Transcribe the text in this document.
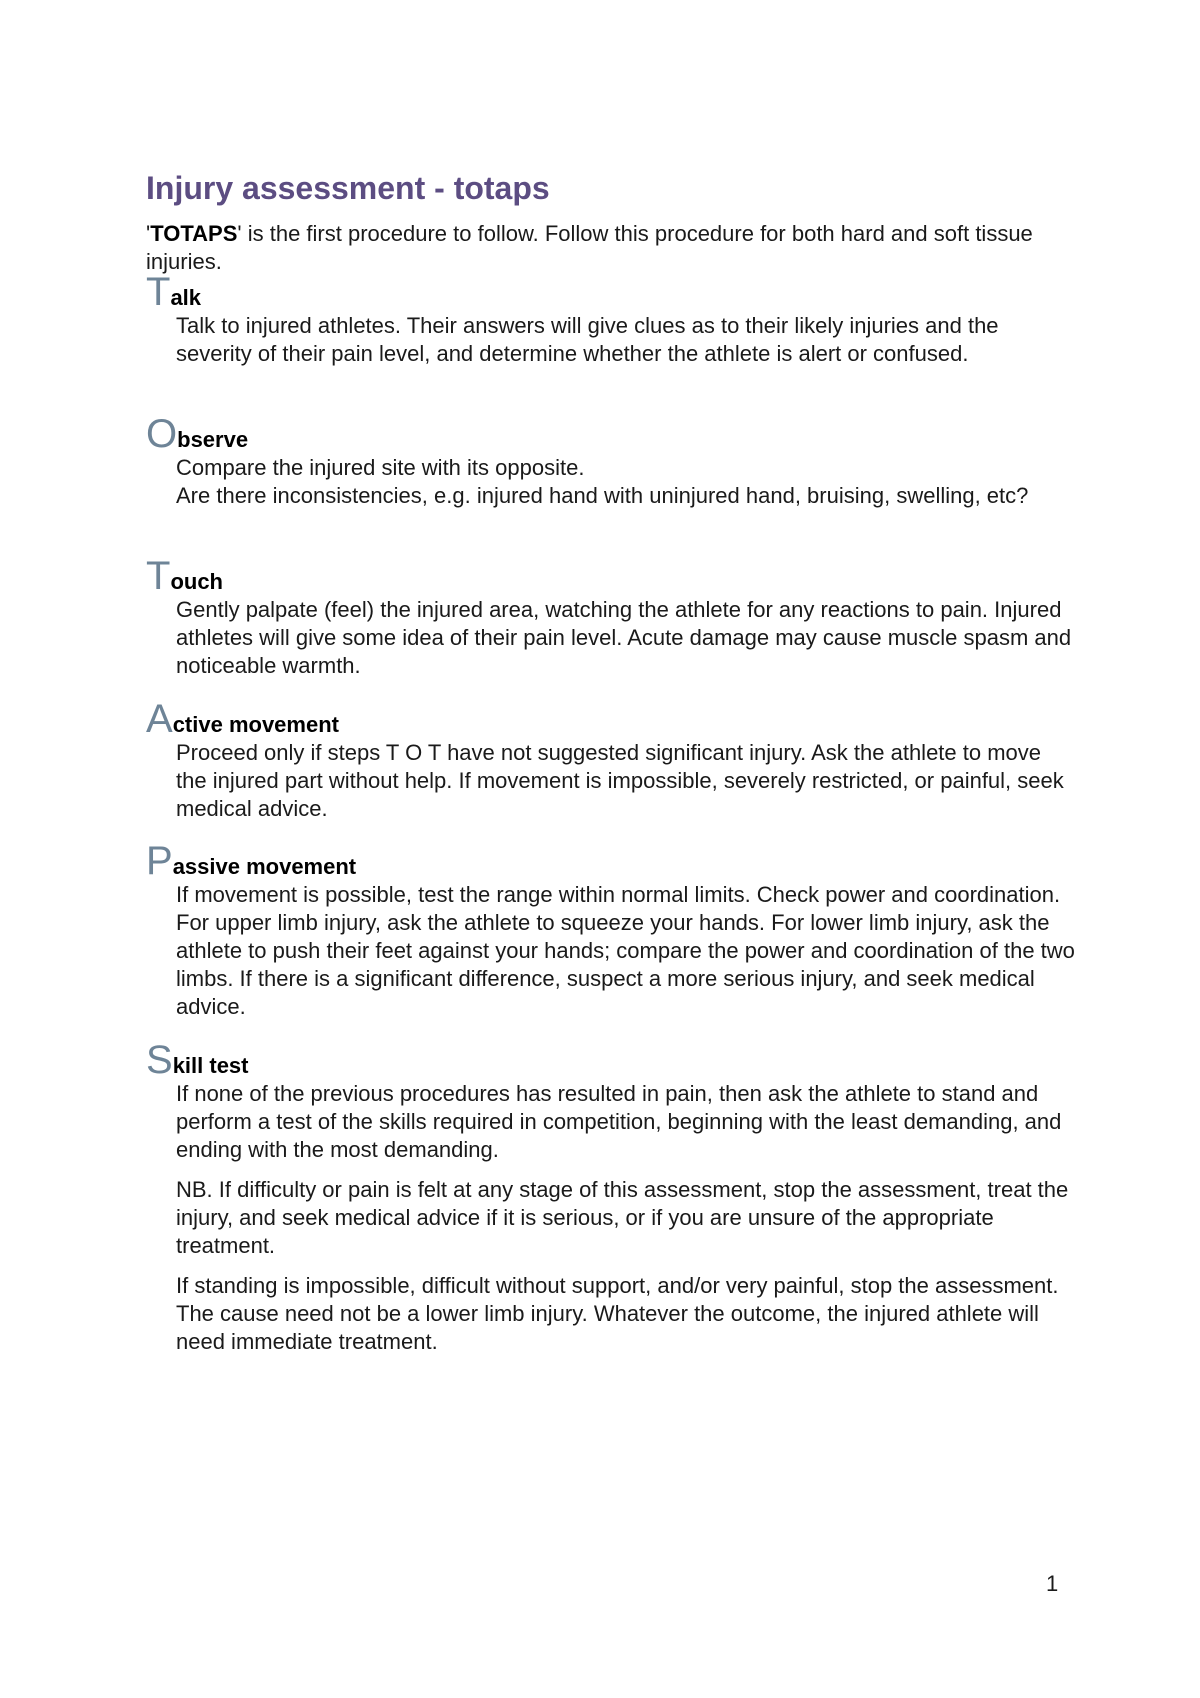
Injury assessment - totaps

'TOTAPS' is the first procedure to follow. Follow this procedure for both hard and soft tissue injuries.

Talk

Talk to injured athletes. Their answers will give clues as to their likely injuries and the severity of their pain level, and determine whether the athlete is alert or confused.

Observe

Compare the injured site with its opposite.

Are there inconsistencies, e.g. injured hand with uninjured hand, bruising, swelling, etc?

Touch

Gently palpate (feel) the injured area, watching the athlete for any reactions to pain. Injured athletes will give some idea of their pain level. Acute damage may cause muscle spasm and noticeable warmth.

Active movement

Proceed only if steps T O T have not suggested significant injury. Ask the athlete to move the injured part without help. If movement is impossible, severely restricted, or painful, seek medical advice.

Passive movement

If movement is possible, test the range within normal limits. Check power and coordination.   For upper limb injury, ask the athlete to squeeze your hands. For lower limb injury, ask the athlete to push their feet against your hands; compare the power and coordination of the two limbs. If there is a significant difference, suspect a more serious injury, and seek medical advice.

Skill test

If none of the previous procedures has resulted in pain, then ask the athlete to stand and perform a test of the skills required in competition, beginning with the least demanding, and ending with the most demanding.

NB. If difficulty or pain is felt at any stage of this assessment, stop the assessment, treat the injury, and seek medical advice if it is serious, or if you are unsure of the appropriate treatment.

If standing is impossible, difficult without support, and/or very painful, stop the assessment. The cause need not be a lower limb injury. Whatever the outcome, the injured athlete will need immediate treatment.

1
